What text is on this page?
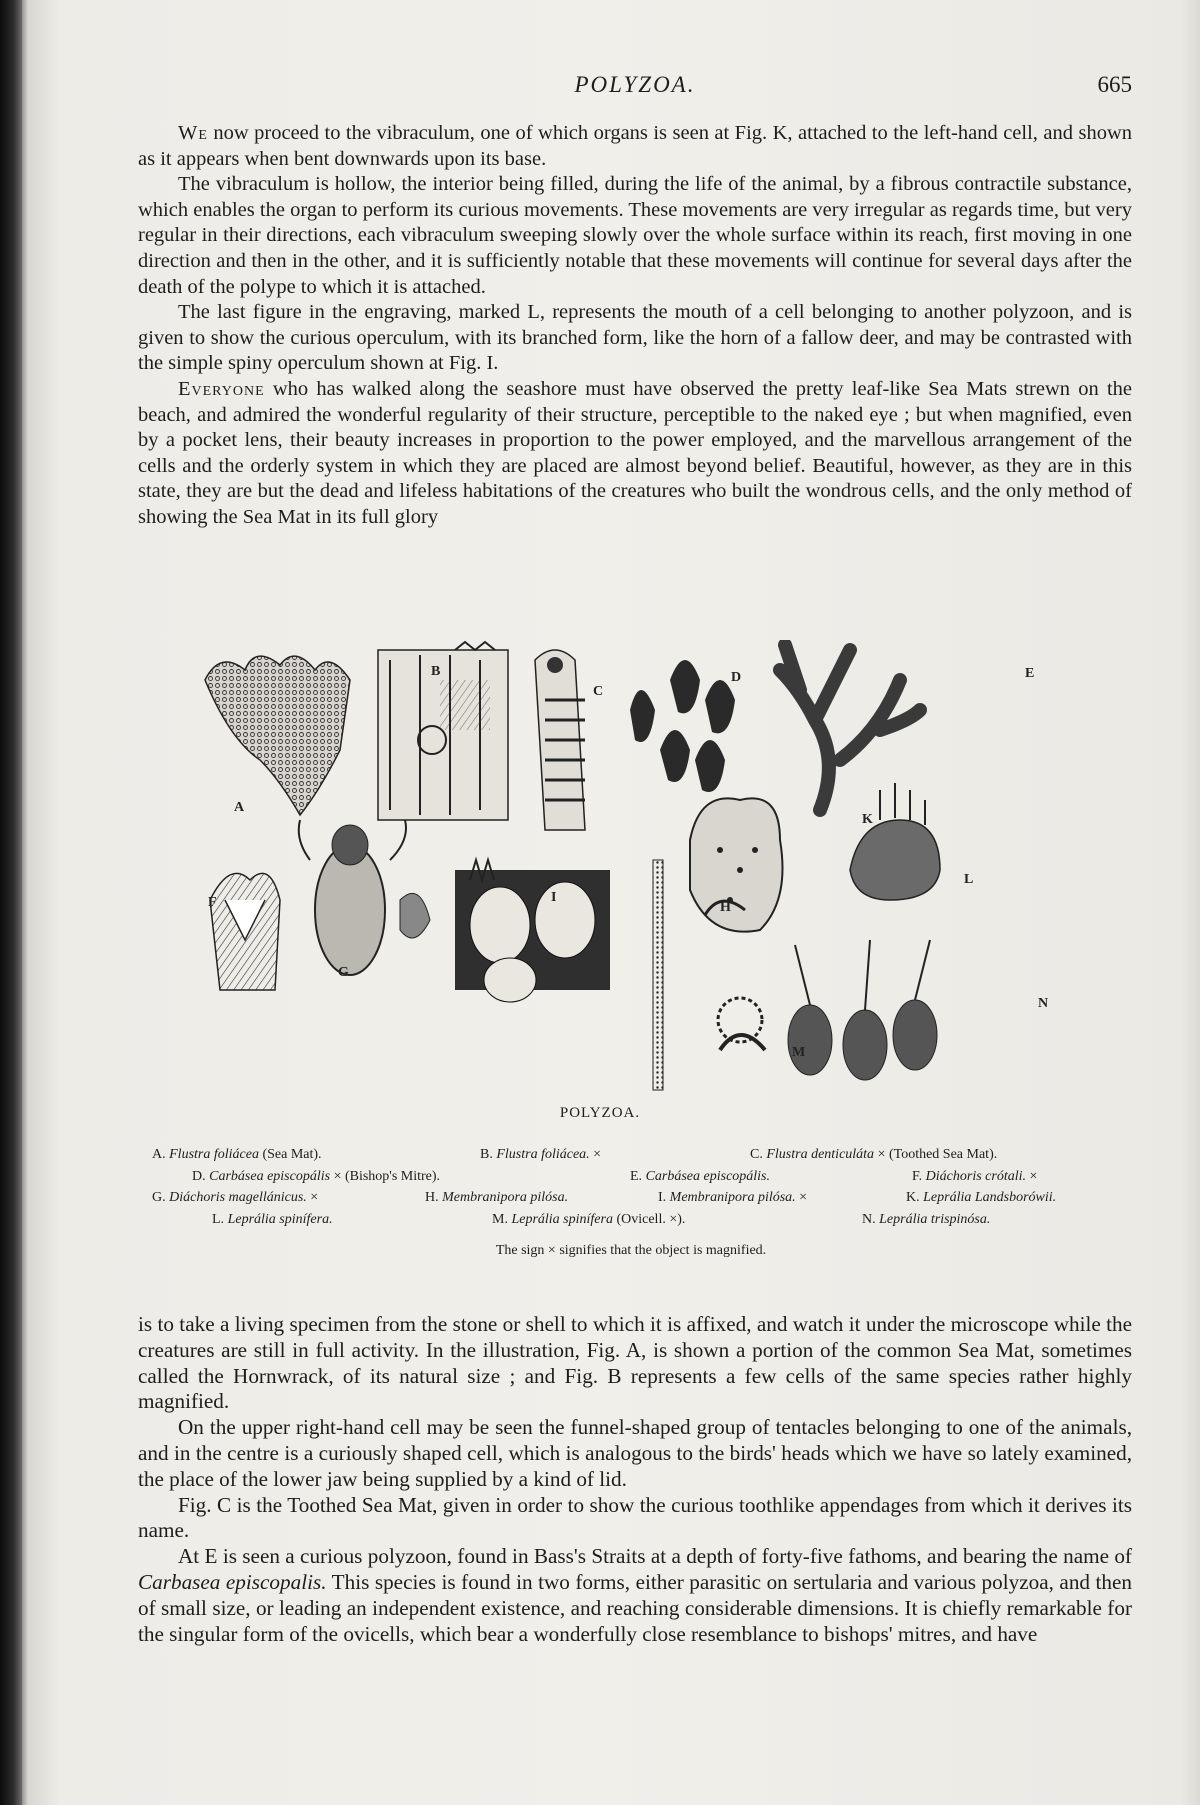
POLYZOA.	665

We now proceed to the vibraculum, one of which organs is seen at Fig. K, attached to the left-hand cell, and shown as it appears when bent downwards upon its base.

The vibraculum is hollow, the interior being filled, during the life of the animal, by a fibrous contractile substance, which enables the organ to perform its curious movements. These movements are very irregular as regards time, but very regular in their directions, each vibraculum sweeping slowly over the whole surface within its reach, first moving in one direction and then in the other, and it is sufficiently notable that these movements will continue for several days after the death of the polype to which it is attached.

The last figure in the engraving, marked L, represents the mouth of a cell belonging to another polyzoon, and is given to show the curious operculum, with its branched form, like the horn of a fallow deer, and may be contrasted with the simple spiny operculum shown at Fig. I.

Everyone who has walked along the seashore must have observed the pretty leaf-like Sea Mats strewn on the beach, and admired the wonderful regularity of their structure, perceptible to the naked eye ; but when magnified, even by a pocket lens, their beauty increases in proportion to the power employed, and the marvellous arrangement of the cells and the orderly system in which they are placed are almost beyond belief. Beautiful, however, as they are in this state, they are but the dead and lifeless habitations of the creatures who built the wondrous cells, and the only method of showing the Sea Mat in its full glory

A
B
C
D	E
F
G
H
I
K
L
M
N
POLYZOA.
A. Flustra foliácea (Sea Mat).	B. Flustra foliácea. ×	C. Flustra denticuláta × (Toothed Sea Mat).
D. Carbásea episcopális × (Bishop's Mitre).	E. Carbásea episcopális.	F. Diáchoris crótali. ×
G. Diáchoris magellánicus. ×	H. Membranipora pilósa.	I. Membranipora pilósa. ×	K. Leprália Landsborówii.
L. Leprália spinífera.	M. Leprália spinífera (Ovicell. ×).	N. Leprália trispinósa.
The sign × signifies that the object is magnified.

is to take a living specimen from the stone or shell to which it is affixed, and watch it under the microscope while the creatures are still in full activity. In the illustration, Fig. A, is shown a portion of the common Sea Mat, sometimes called the Hornwrack, of its natural size ; and Fig. B represents a few cells of the same species rather highly magnified.

On the upper right-hand cell may be seen the funnel-shaped group of tentacles belonging to one of the animals, and in the centre is a curiously shaped cell, which is analogous to the birds' heads which we have so lately examined, the place of the lower jaw being supplied by a kind of lid.

Fig. C is the Toothed Sea Mat, given in order to show the curious toothlike appendages from which it derives its name.

At E is seen a curious polyzoon, found in Bass's Straits at a depth of forty-five fathoms, and bearing the name of Carbasea episcopalis. This species is found in two forms, either parasitic on sertularia and various polyzoa, and then of small size, or leading an independent existence, and reaching considerable dimensions. It is chiefly remarkable for the singular form of the ovicells, which bear a wonderfully close resemblance to bishops' mitres, and have
